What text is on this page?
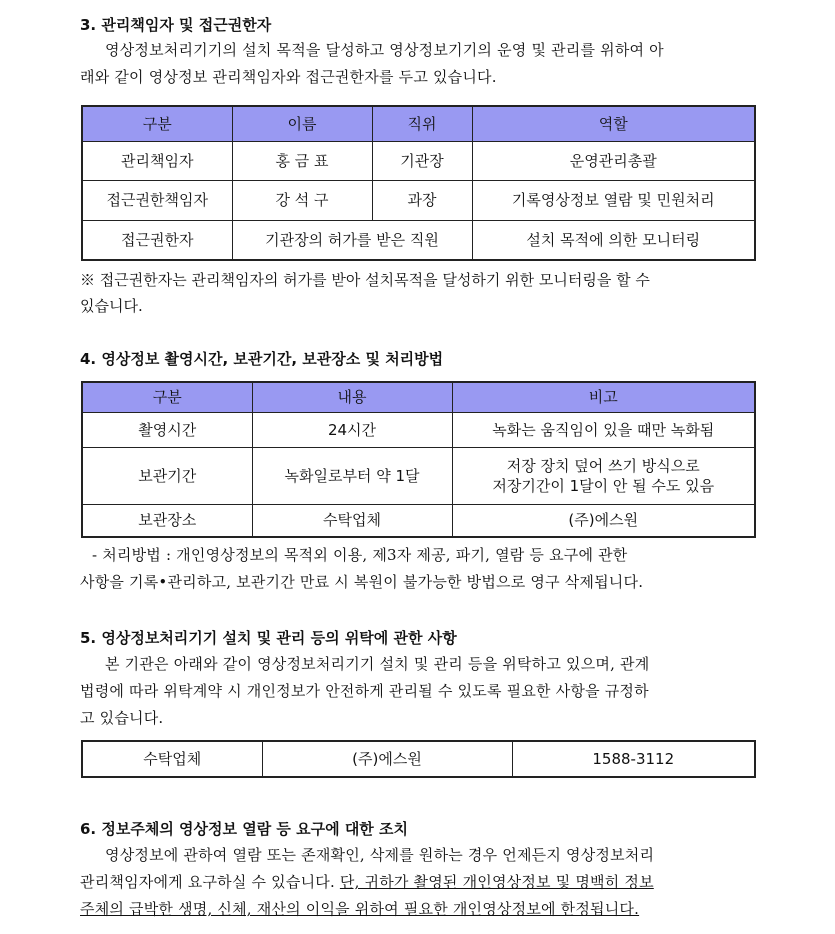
3. 관리책임자 및 접근권한자

영상정보처리기기의 설치 목적을 달성하고 영상정보기기의 운영 및 관리를 위하여 아

래와 같이 영상정보 관리책임자와 접근권한자를 두고 있습니다.

구분	이름	직위	역할
관리책임자	홍 금 표	기관장	운영관리총괄
접근권한책임자	강 석 구	과장	기록영상정보 열람 및 민원처리
접근권한자	기관장의 허가를 받은 직원		설치 목적에 의한 모니터링

※ 접근권한자는 관리책임자의 허가를 받아 설치목적을 달성하기 위한 모니터링을 할 수

있습니다.

4. 영상정보 촬영시간, 보관기간, 보관장소 및 처리방법
구분	내용	비고
촬영시간	24시간	녹화는 움직임이 있을 때만 녹화됨
보관기간	녹화일로부터 약 1달	저장 장치 덮어 쓰기 방식으로
저장기간이 1달이 안 될 수도 있음

보관장소	수탁업체	(주)에스원

- 처리방법 : 개인영상정보의 목적외 이용, 제3자 제공, 파기, 열람 등 요구에 관한

사항을 기록•관리하고, 보관기간 만료 시 복원이 불가능한 방법으로 영구 삭제됩니다.

5. 영상정보처리기기 설치 및 관리 등의 위탁에 관한 사항

본 기관은 아래와 같이 영상정보처리기기 설치 및 관리 등을 위탁하고 있으며, 관계

법령에 따라 위탁계약 시 개인정보가 안전하게 관리될 수 있도록 필요한 사항을 규정하

고 있습니다.

수탁업체	(주)에스원	1588-3112
6. 정보주체의 영상정보 열람 등 요구에 대한 조치

영상정보에 관하여 열람 또는 존재확인, 삭제를 원하는 경우 언제든지 영상정보처리

관리책임자에게 요구하실 수 있습니다. 단, 귀하가 촬영된 개인영상정보 및 명백히 정보

주체의 급박한 생명, 신체, 재산의 이익을 위하여 필요한 개인영상정보에 한정됩니다.
